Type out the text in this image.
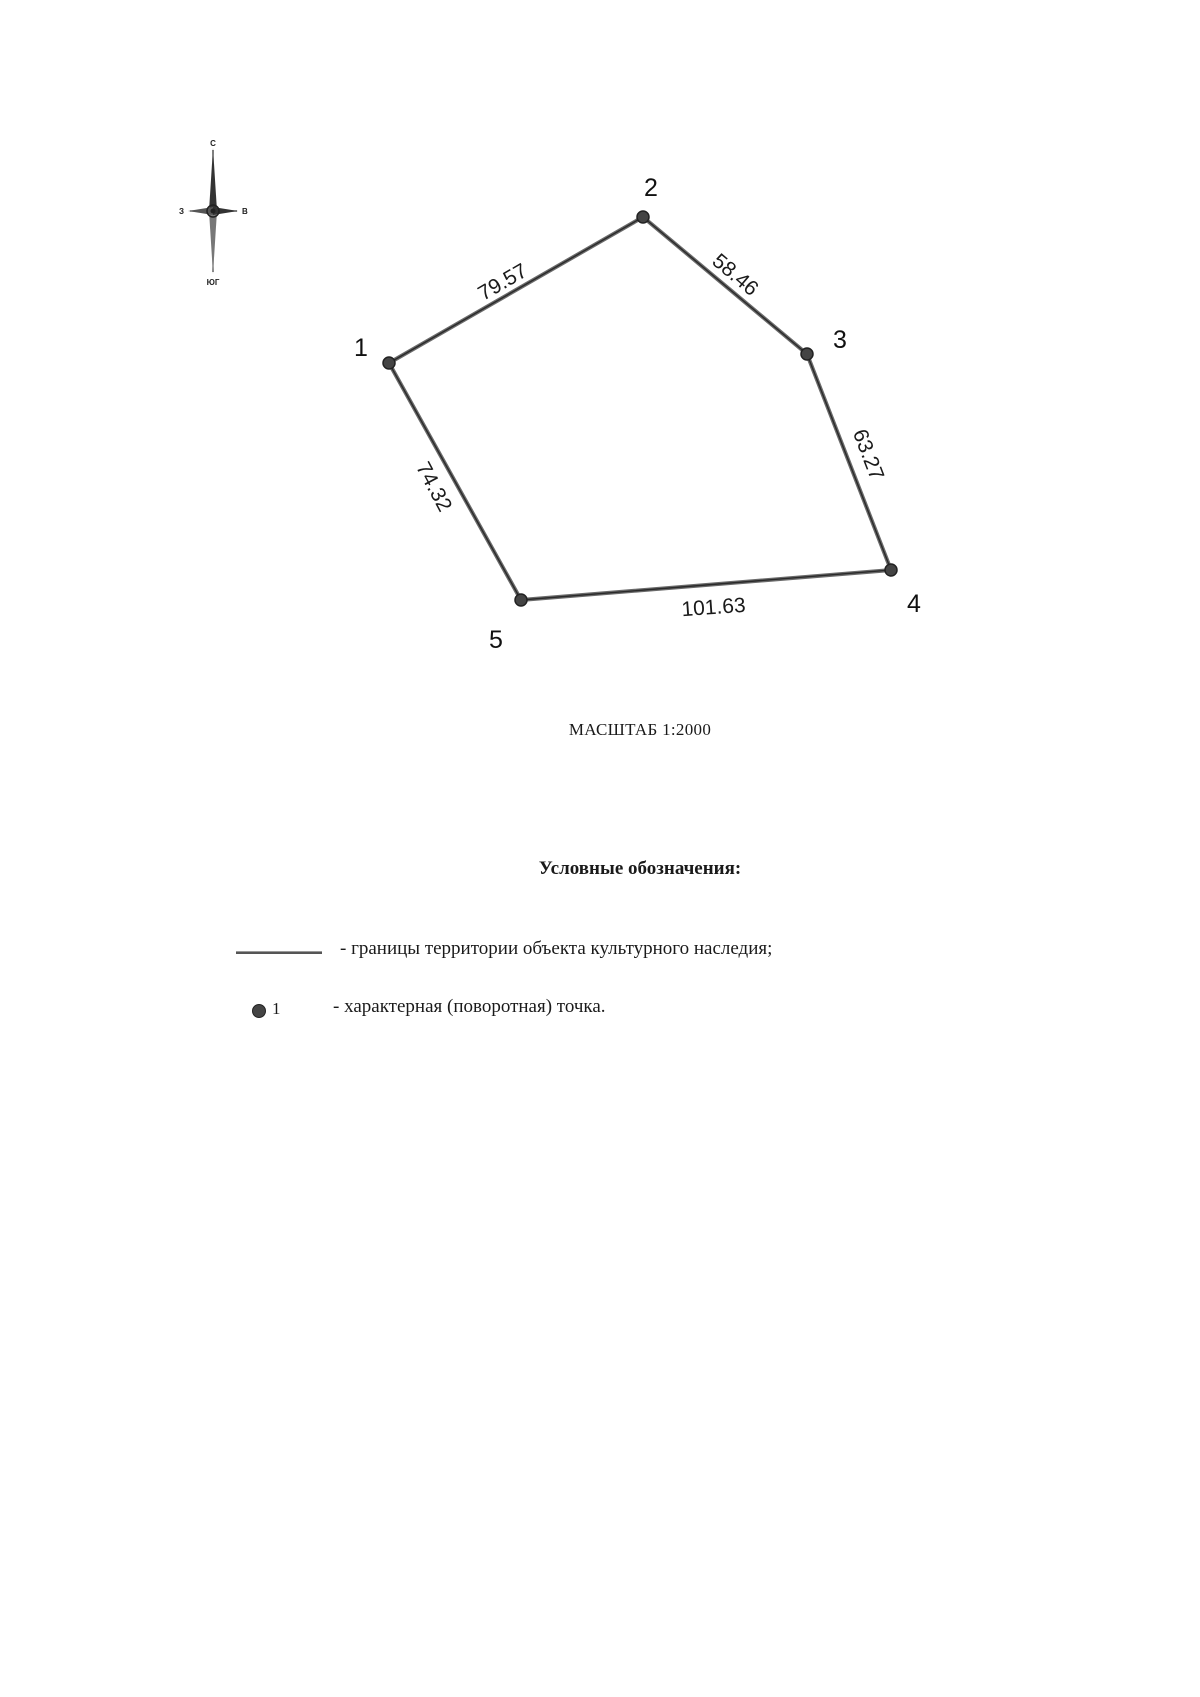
С
ЮГ
З	В
79.57	58.46
63.27
101.63
74.32
1
2
3
4
5
МАСШТАБ 1:2000
Условные обозначения:
- границы территории объекта культурного наследия;
1	- характерная (поворотная) точка.
